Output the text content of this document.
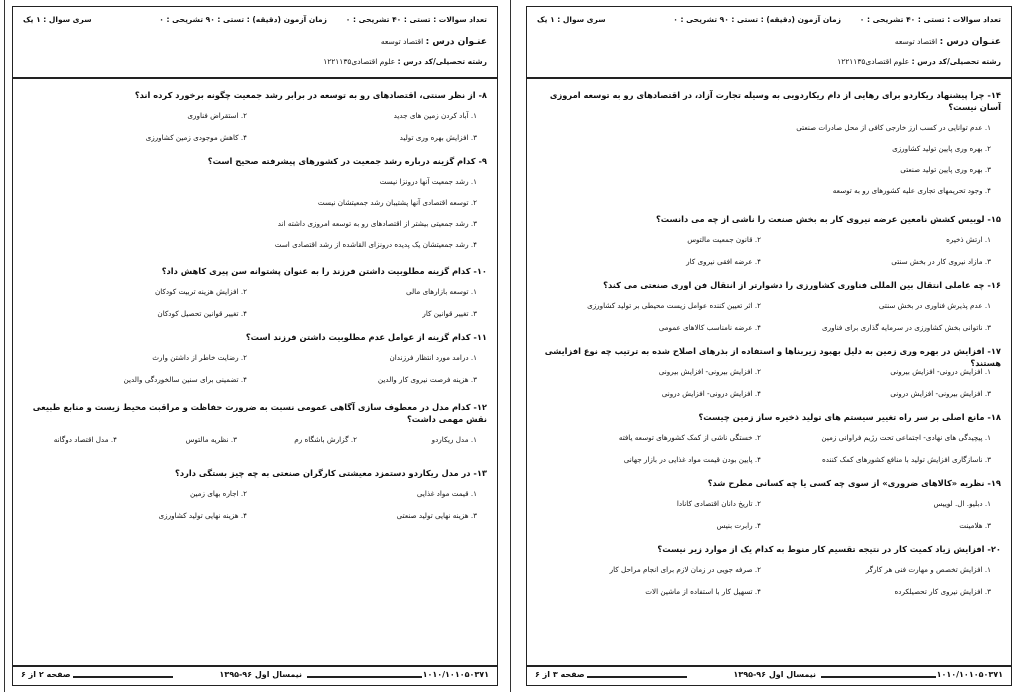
تعداد سوالات : تستی : ۴۰ تشریحی : ۰
زمان آزمون (دقیقه) : تستی : ۹۰ تشریحی : ۰
سری سوال : ۱ یک
عنـوان درس : اقتصاد توسعه
رشته تحصیلی/کد درس : علوم اقتصادی۱۲۲۱۱۳۵
۸- از نظر سنتی، اقتصادهای رو به توسعه در برابر رشد جمعیت چگونه برخورد کرده اند؟
۱. آباد کردن زمین های جدید
۲. استقراض فناوری
۳. افزایش بهره وری تولید
۴. کاهش موجودی زمین کشاورزی
۹- کدام گزینه درباره رشد جمعیت در کشورهای پیشرفته صحیح است؟
۱. رشد جمعیت آنها درونزا نیست
۲. توسعه اقتصادی آنها پشتیبان رشد جمعیتشان نیست
۳. رشد جمعیتی بیشتر از اقتصادهای رو به توسعه امروزی داشته اند
۴. رشد جمعیتشان یک پدیده درونزای القاشده از رشد اقتصادی است
۱۰- کدام گزینه مطلوبیت داشتن فرزند را به عنوان پشتوانه سن پیری کاهش داد؟
۱. توسعه بازارهای مالی
۲. افزایش هزینه تربیت کودکان
۳. تغییر قوانین کار
۴. تغییر قوانین تحصیل کودکان
۱۱- کدام گزینه از عوامل عدم مطلوبیت داشتن فرزند است؟
۱. درامد مورد انتظار فرزندان
۲. رضایت خاطر از داشتن وارث
۳. هزینه فرصت نیروی کار والدین
۴. تضمینی برای سنین سالخوردگی والدین
۱۲- کدام مدل در معطوف سازی آگاهی عمومی نسبت به ضرورت حفاظت و مراقبت محیط زیست و منابع طبیعی نقش مهمی داشت؟
۱. مدل ریکاردو
۲. گزارش باشگاه رم
۳. نظریه مالتوس
۴. مدل اقتصاد دوگانه
۱۳- در مدل ریکاردو دستمزد معیشتی کارگران صنعتی به چه چیز بستگی دارد؟
۱. قیمت مواد غذایی
۲. اجاره بهای زمین
۳. هزینه نهایی تولید صنعتی
۴. هزینه نهایی تولید کشاورزی
۱۰۱۰/۱۰۱۰۵۰۳۷۱
نیمسال اول ۹۶-۱۳۹۵
صفحه ۲ از ۶
تعداد سوالات : تستی : ۴۰ تشریحی : ۰
زمان آزمون (دقیقه) : تستی : ۹۰ تشریحی : ۰
سری سوال : ۱ یک
عنـوان درس : اقتصاد توسعه
رشته تحصیلی/کد درس : علوم اقتصادی۱۲۲۱۱۳۵
۱۴- چرا پیشنهاد ریکاردو برای رهایی از دام ریکاردویی به وسیله تجارت آزاد، در اقتصادهای رو به توسعه امروزی آسان نیست؟
۱. عدم توانایی در کسب ارز خارجی کافی از محل صادرات صنعتی
۲. بهره وری پایین تولید کشاورزی
۳. بهره وری پایین تولید صنعتی
۴. وجود تحریمهای تجاری علیه کشورهای رو به توسعه
۱۵- لوییس کشش نامعین عرضه نیروی کار به بخش صنعت را ناشی از چه می دانست؟
۱. ارتش ذخیره
۲. قانون جمعیت مالتوس
۳. مازاد نیروی کار در بخش سنتی
۴. عرضه افقی نیروی کار
۱۶- چه عاملی انتقال بین المللی فناوری کشاورزی را دشوارتر از انتقال فن اوری صنعتی می کند؟
۱. عدم پذیرش فناوری در بخش سنتی
۲. اثر تعیین کننده عوامل زیست محیطی بر تولید کشاورزی
۳. ناتوانی بخش کشاورزی در سرمایه گذاری برای فناوری
۴. عرضه نامناسب کالاهای عمومی
۱۷- افزایش در بهره وری زمین به دلیل بهبود زیربناها و استفاده از بذرهای اصلاح شده به ترتیب چه نوع افزایشی هستند؟
۱. افزایش درونی- افزایش بیرونی
۲. افزایش بیرونی- افزایش بیرونی
۳. افزایش بیرونی- افزایش درونی
۴. افزایش درونی- افزایش درونی
۱۸- مانع اصلی بر سر راه تغییر سیستم های تولید ذخیره ساز زمین چیست؟
۱. پیچیدگی های نهادی- اجتماعی تحت رژیم فراوانی زمین
۲. خستگی ناشی از کمک کشورهای توسعه یافته
۳. ناسازگاری افزایش تولید با منافع کشورهای کمک کننده
۴. پایین بودن قیمت مواد غذایی در بازار جهانی
۱۹- نظریه «کالاهای ضروری» از سوی چه کسی یا چه کسانی مطرح شد؟
۱. دبلیو. ال. لوییس
۲. تاریخ دانان اقتصادی کانادا
۳. هلامینت
۴. رابرت بنیس
۲۰- افزایش زیاد کمیت کار در نتیجه تقسیم کار منوط به کدام یک از موارد زیر نیست؟
۱. افزایش تخصص و مهارت فنی هر کارگر
۲. صرفه جویی در زمان لازم برای انجام مراحل کار
۳. افزایش نیروی کار تحصیلکرده
۴. تسهیل کار با استفاده از ماشین الات
۱۰۱۰/۱۰۱۰۵۰۳۷۱
نیمسال اول ۹۶-۱۳۹۵
صفحه ۳ از ۶
